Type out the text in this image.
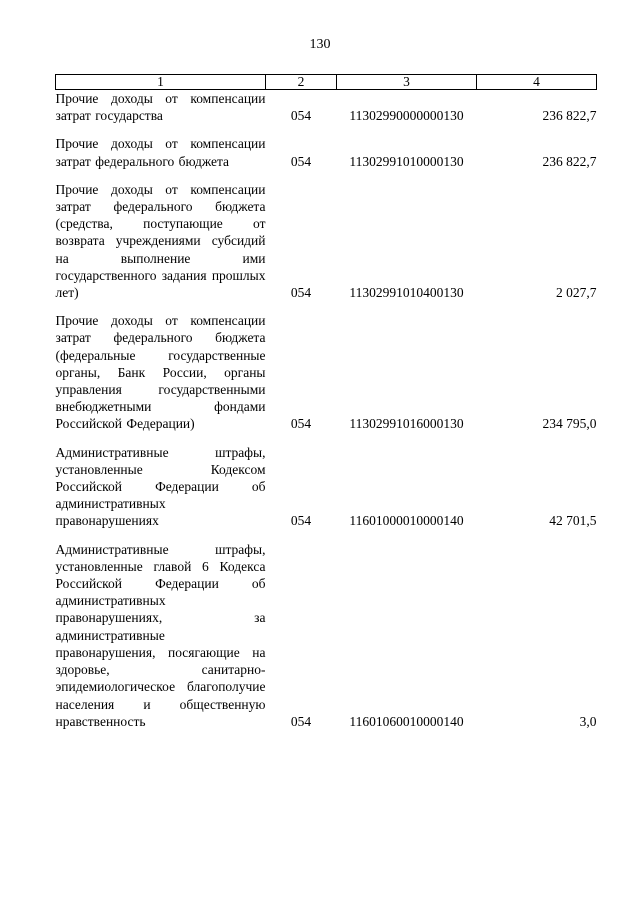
130
1	2	3	4
Прочие доходы от компенсации затрат государства	054	11302990000000130	236 822,7

Прочие доходы от компенсации затрат федерального бюджета	054	11302991010000130	236 822,7

Прочие доходы от компенсации затрат федерального бюджета (средства, поступающие от возврата учреждениями субсидий на выполнение ими государственного задания прошлых лет)	054	11302991010400130	2 027,7

Прочие доходы от компенсации затрат федерального бюджета (федеральные государственные органы, Банк России, органы управления государственными внебюджетными фондами Российской Федерации)	054	11302991016000130	234 795,0

Административные штрафы, установленные Кодексом Российской Федерации об административных правонарушениях	054	11601000010000140	42 701,5

Административные штрафы, установленные главой 6 Кодекса Российской Федерации об административных правонарушениях, за административные правонарушения, посягающие на здоровье, санитарно-эпидемиологическое благополучие населения и общественную нравственность	054	11601060010000140	3,0
